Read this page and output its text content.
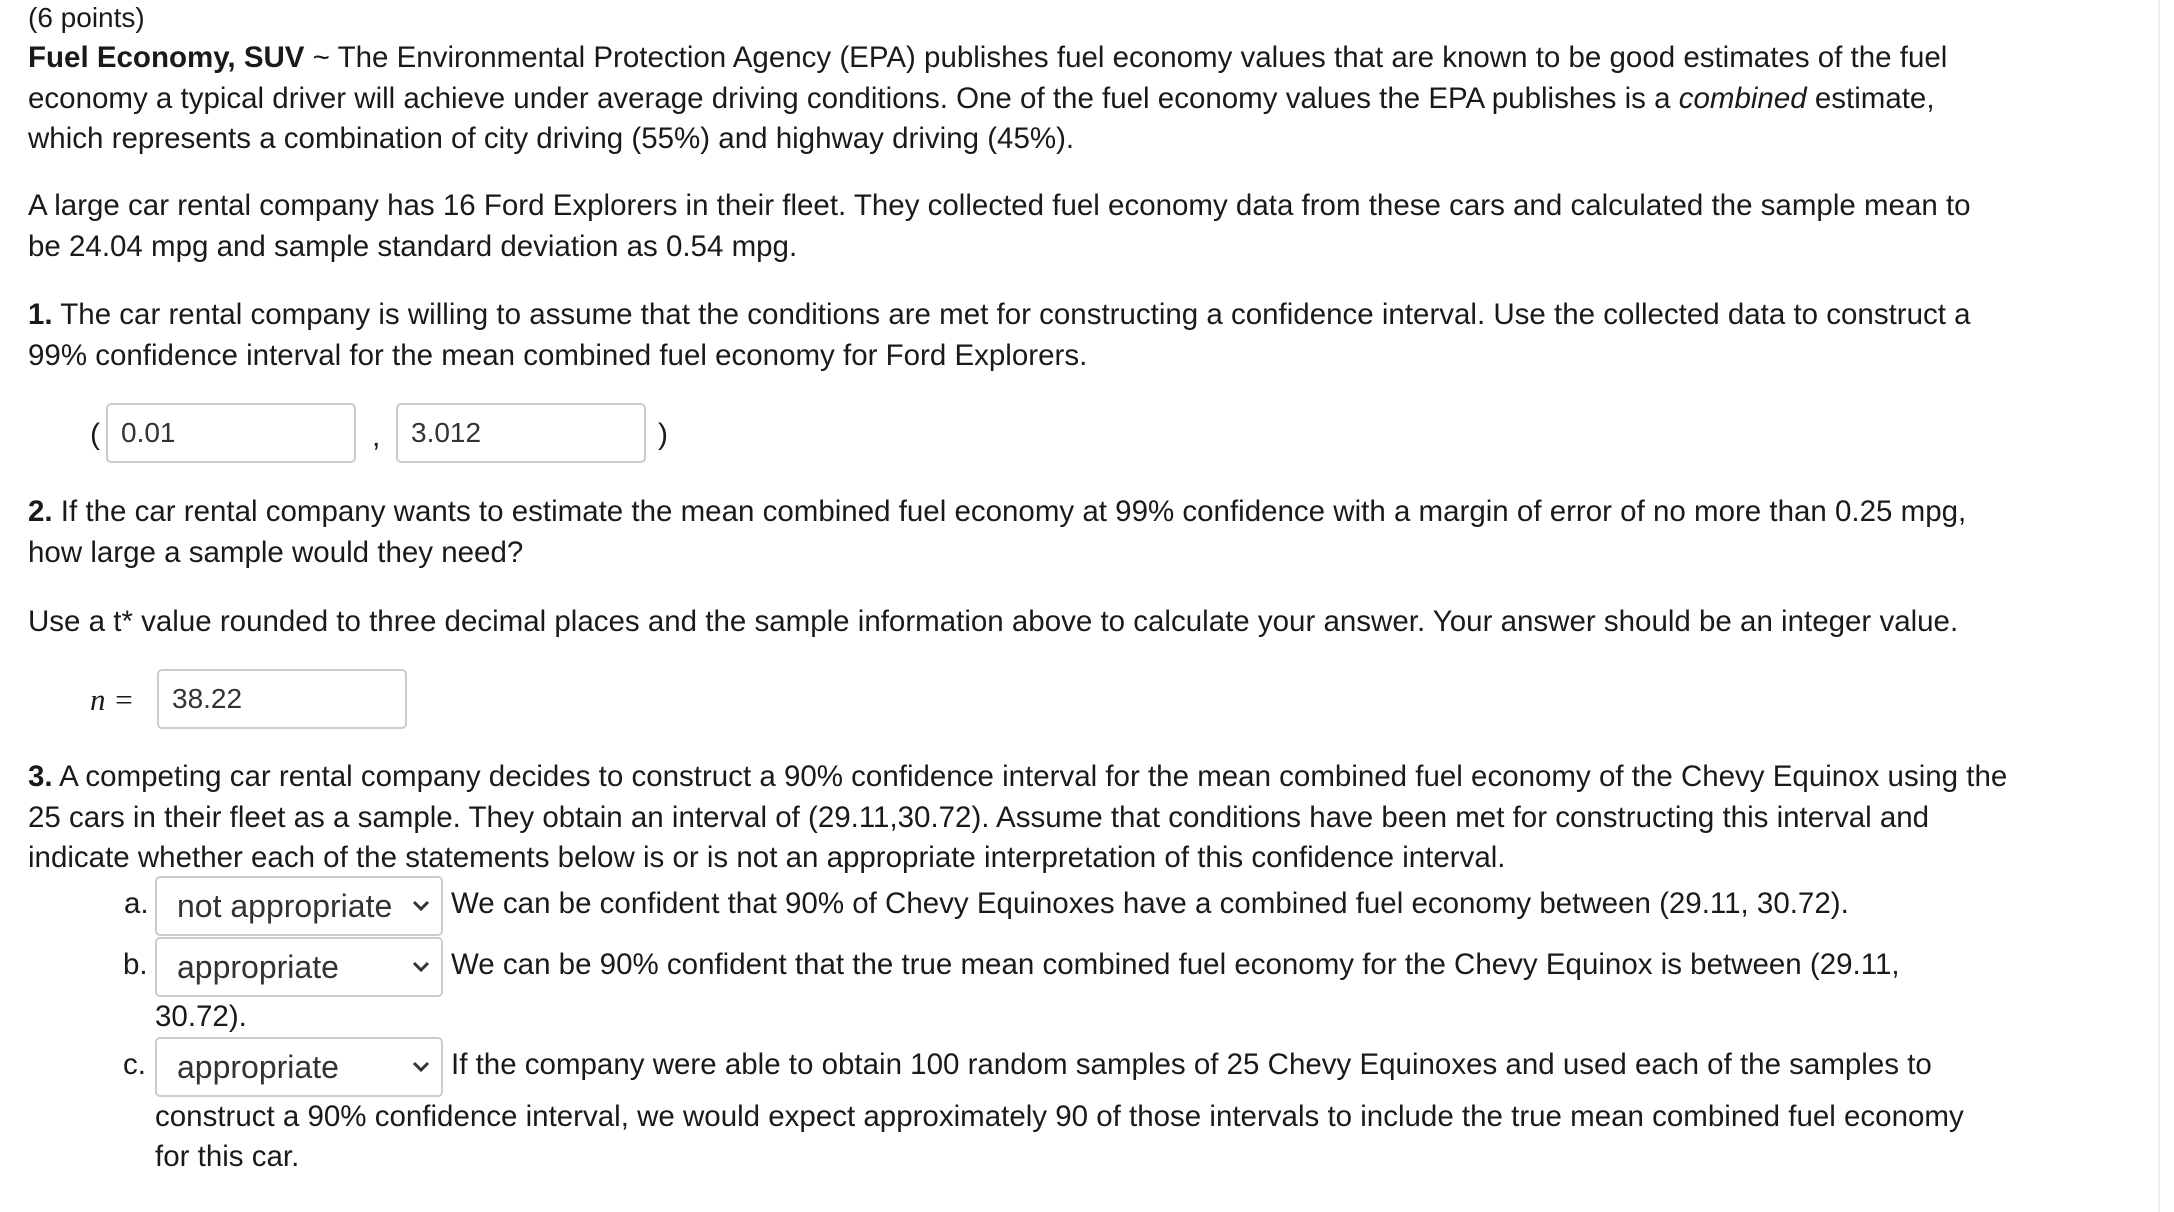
(6 points)
Fuel Economy, SUV ~ The Environmental Protection Agency (EPA) publishes fuel economy values that are known to be good estimates of the fuel economy a typical driver will achieve under average driving conditions. One of the fuel economy values the EPA publishes is a combined estimate, which represents a combination of city driving (55%) and highway driving (45%).
A large car rental company has 16 Ford Explorers in their fleet. They collected fuel economy data from these cars and calculated the sample mean to be 24.04 mpg and sample standard deviation as 0.54 mpg.
1. The car rental company is willing to assume that the conditions are met for constructing a confidence interval. Use the collected data to construct a 99% confidence interval for the mean combined fuel economy for Ford Explorers.
( 0.01	,	3.012	)
2. If the car rental company wants to estimate the mean combined fuel economy at 99% confidence with a margin of error of no more than 0.25 mpg, how large a sample would they need?
Use a t* value rounded to three decimal places and the sample information above to calculate your answer. Your answer should be an integer value.
n =	38.22
3. A competing car rental company decides to construct a 90% confidence interval for the mean combined fuel economy of the Chevy Equinox using the 25 cars in their fleet as a sample. They obtain an interval of (29.11,30.72). Assume that conditions have been met for constructing this interval and indicate whether each of the statements below is or is not an appropriate interpretation of this confidence interval.
a. not appropriate	We can be confident that 90% of Chevy Equinoxes have a combined fuel economy between (29.11, 30.72).
b. appropriate	We can be 90% confident that the true mean combined fuel economy for the Chevy Equinox is between (29.11,
30.72).
c. appropriate	If the company were able to obtain 100 random samples of 25 Chevy Equinoxes and used each of the samples to
construct a 90% confidence interval, we would expect approximately 90 of those intervals to include the true mean combined fuel economy
for this car.
